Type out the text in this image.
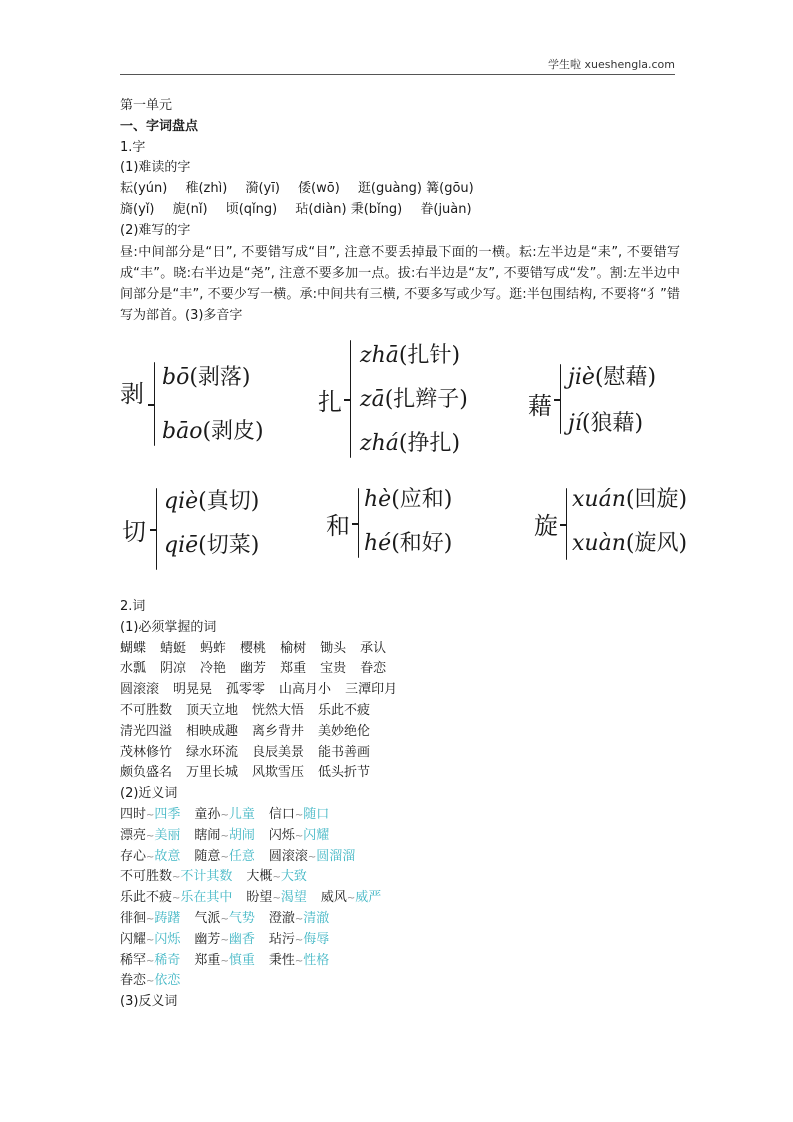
学生啦 xueshengla.com
第一单元
一、字词盘点
1.字
(1)难读的字
耘(yún) 稚(zhì) 漪(yī) 倭(wō) 逛(guàng) 篝(gōu)
旖(yǐ) 旎(nǐ) 顷(qǐng) 玷(diàn) 秉(bǐng) 眷(juàn)
(2)难写的字
昼:中间部分是“日”, 不要错写成“目”, 注意不要丢掉最下面的一横。耘:左半边是“耒”, 不要错写成“丰”。晓:右半边是“尧”, 注意不要多加一点。拔:右半边是“友”, 不要错写成“发”。割:左半边中间部分是“丰”, 不要少写一横。承:中间共有三横, 不要多写或少写。逛:半包围结构, 不要将“犭”错写为部首。(3)多音字
剥
bō(剥落)
bāo(剥皮)
扎
zhā(扎针)
zā(扎辫子)
zhá(挣扎)
藉
jiè(慰藉)
jí(狼藉)
切
qiè(真切)
qiē(切菜)
和
hè(应和)
hé(和好)
旋
xuán(回旋)
xuàn(旋风)
2.词
(1)必须掌握的词
蝴蝶 蜻蜓 蚂蚱 樱桃 榆树 锄头 承认
水瓢 阴凉 冷艳 幽芳 郑重 宝贵 眷恋
圆滚滚 明晃晃 孤零零 山高月小 三潭印月
不可胜数 顶天立地 恍然大悟 乐此不疲
清光四溢 相映成趣 离乡背井 美妙绝伦
茂林修竹 绿水环流 良辰美景 能书善画
颇负盛名 万里长城 风欺雪压 低头折节
(2)近义词
四时~四季 童孙~儿童 信口~随口
漂亮~美丽 瞎闹~胡闹 闪烁~闪耀
存心~故意 随意~任意 圆滚滚~圆溜溜
不可胜数~不计其数 大概~大致
乐此不疲~乐在其中 盼望~渴望 威风~威严
徘徊~踌躇 气派~气势 澄澈~清澈
闪耀~闪烁 幽芳~幽香 玷污~侮辱
稀罕~稀奇 郑重~慎重 秉性~性格
眷恋~依恋
(3)反义词
